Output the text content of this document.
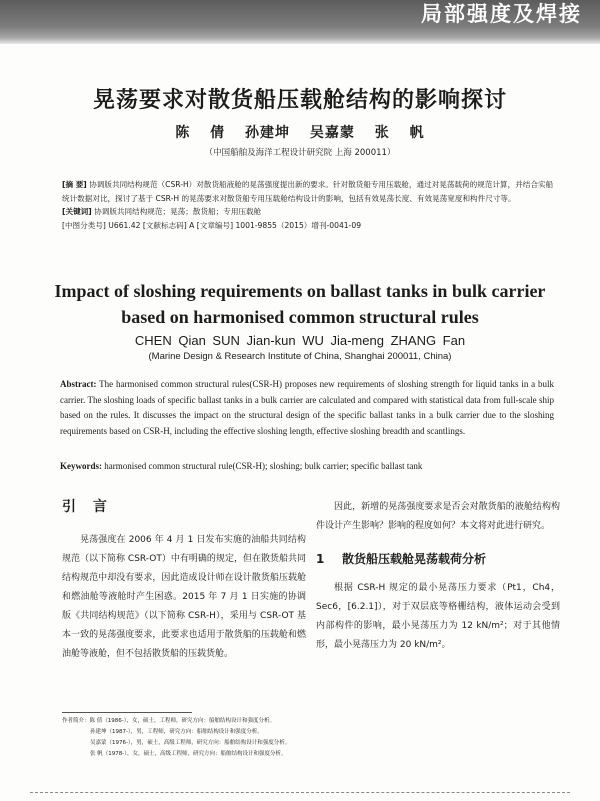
局部强度及焊接

晃荡要求对散货船压载舱结构的影响探讨

陈 倩 孙建坤 吴嘉蒙 张 帆

（中国船舶及海洋工程设计研究院 上海 200011）

[摘 要] 协调版共同结构规范（CSR-H）对散货船液舱的晃荡强度提出新的要求。针对散货船专用压载舱，通过对晃荡载荷的规范计算，并结合实船统计数据对比，探讨了基于 CSR-H 的晃荡要求对散货船专用压载舱结构设计的影响，包括有效晃荡长度、有效晃荡宽度和构件尺寸等。

[关键词] 协调版共同结构规范；晃荡；散货船；专用压载舱

[中图分类号] U661.42 [文献标志码] A [文章编号] 1001-9855（2015）增刊-0041-09

Impact of sloshing requirements on ballast tanks in bulk carrier based on harmonised common structural rules

CHEN Qian SUN Jian-kun WU Jia-meng ZHANG Fan

(Marine Design & Research Institute of China, Shanghai 200011, China)

Abstract: The harmonised common structural rules(CSR-H) proposes new requirements of sloshing strength for liquid tanks in a bulk carrier. The sloshing loads of specific ballast tanks in a bulk carrier are calculated and compared with statistical data from full-scale ship based on the rules. It discusses the impact on the structural design of the specific ballast tanks in a bulk carrier due to the sloshing requirements based on CSR-H, including the effective sloshing length, effective sloshing breadth and scantlings.

Keywords: harmonised common structural rule(CSR-H); sloshing; bulk carrier; specific ballast tank

引 言

晃荡强度在 2006 年 4 月 1 日发布实施的油船共同结构规范（以下简称 CSR-OT）中有明确的规定，但在散货船共同结构规范中却没有要求，因此造成设计师在设计散货船压载舱和燃油舱等液舱时产生困惑。2015 年 7 月 1 日实施的协调版《共同结构规范》（以下简称 CSR-H），采用与 CSR-OT 基本一致的晃荡强度要求，此要求也适用于散货船的压载舱和燃油舱等液舱，但不包括散货船的压载货舱。

因此，新增的晃荡强度要求是否会对散货船的液舱结构构件设计产生影响？影响的程度如何？本文将对此进行研究。

1 散货船压载舱晃荡载荷分析

根据 CSR-H 规定的最小晃荡压力要求（Pt1，Ch4，Sec6，[6.2.1]），对于双层底等格栅结构，液体运动会受到内部构件的影响，最小晃荡压力为 12 kN/m²；对于其他情形，最小晃荡压力为 20 kN/m²。

作者简介：陈 倩（1986-），女，硕士，工程师，研究方向：船舶结构设计和强度分析。

孙建坤（1987-），男，工程师，研究方向：船舶结构设计和强度分析。

吴嘉蒙（1976-），男，硕士，高级工程师，研究方向：船舶结构设计和强度分析。

张 帆（1978-），女，硕士，高级工程师，研究方向：船舶结构设计和强度分析。
